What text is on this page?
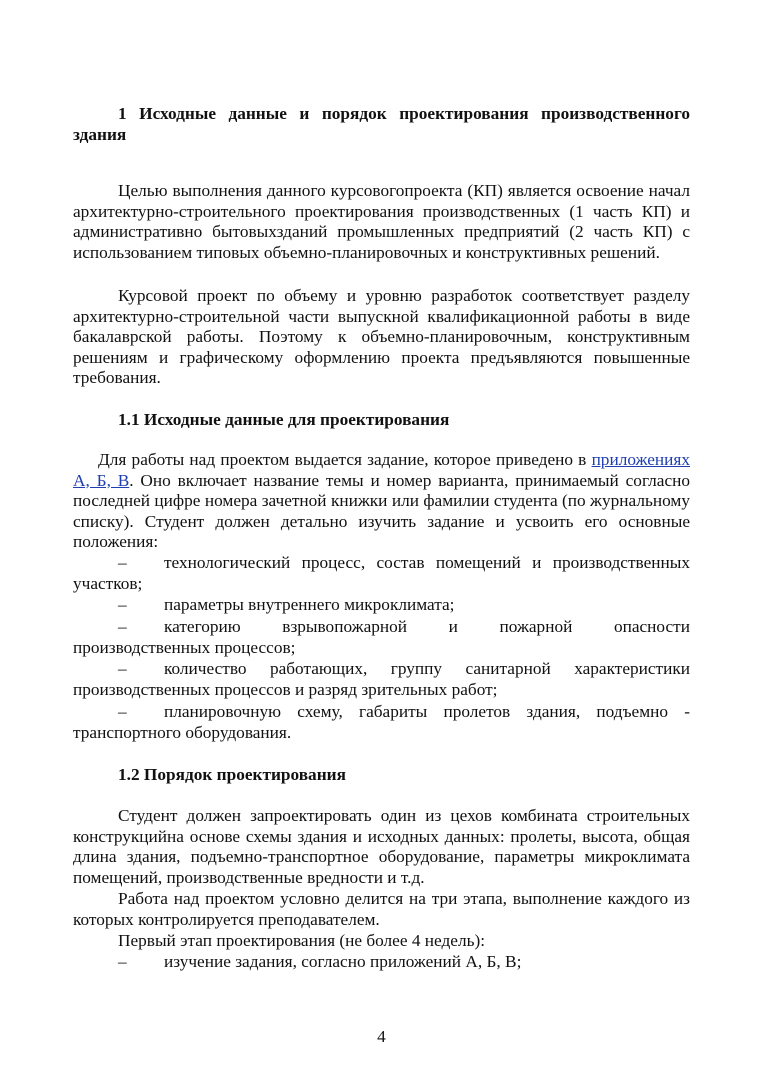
1 Исходные данные и порядок проектирования производственного здания

Целью выполнения данного курсовогопроекта (КП) является освоение начал архитектурно-строительного проектирования производственных (1 часть КП) и административно бытовыхзданий промышленных предприятий (2 часть КП) с использованием типовых объемно-планировочных и конструктивных решений.

Курсовой проект по объему и уровню разработок соответствует разделу архитектурно-строительной части выпускной квалификационной работы в виде бакалаврской работы. Поэтому к объемно-планировочным, конструктивным решениям и графическому оформлению проекта предъявляются повышенные требования.

1.1 Исходные данные для проектирования

Для работы над проектом выдается задание, которое приведено в приложениях А, Б, В. Оно включает название темы и номер варианта, принимаемый согласно последней цифре номера зачетной книжки или фамилии студента (по журнальному списку). Студент должен детально изучить задание и усвоить его основные положения:

–	технологический процесс, состав помещений и производственных участков;
–	параметры внутреннего микроклимата;
– категорию взрывопожарной и пожарной опасности
производственных процессов;
–	количество работающих, группу санитарной характеристики производственных процессов и разряд зрительных работ;
–	планировочную схему, габариты пролетов здания, подъемно - транспортного оборудования.
1.2 Порядок проектирования

Студент должен запроектировать один из цехов комбината строительных конструкцийна основе схемы здания и исходных данных: пролеты, высота, общая длина здания, подъемно-транспортное оборудование, параметры микроклимата помещений, производственные вредности и т.д.

Работа над проектом условно делится на три этапа, выполнение каждого из которых контролируется преподавателем.

Первый этап проектирования (не более 4 недель):

–	изучение задания, согласно приложений А, Б, В;
4
